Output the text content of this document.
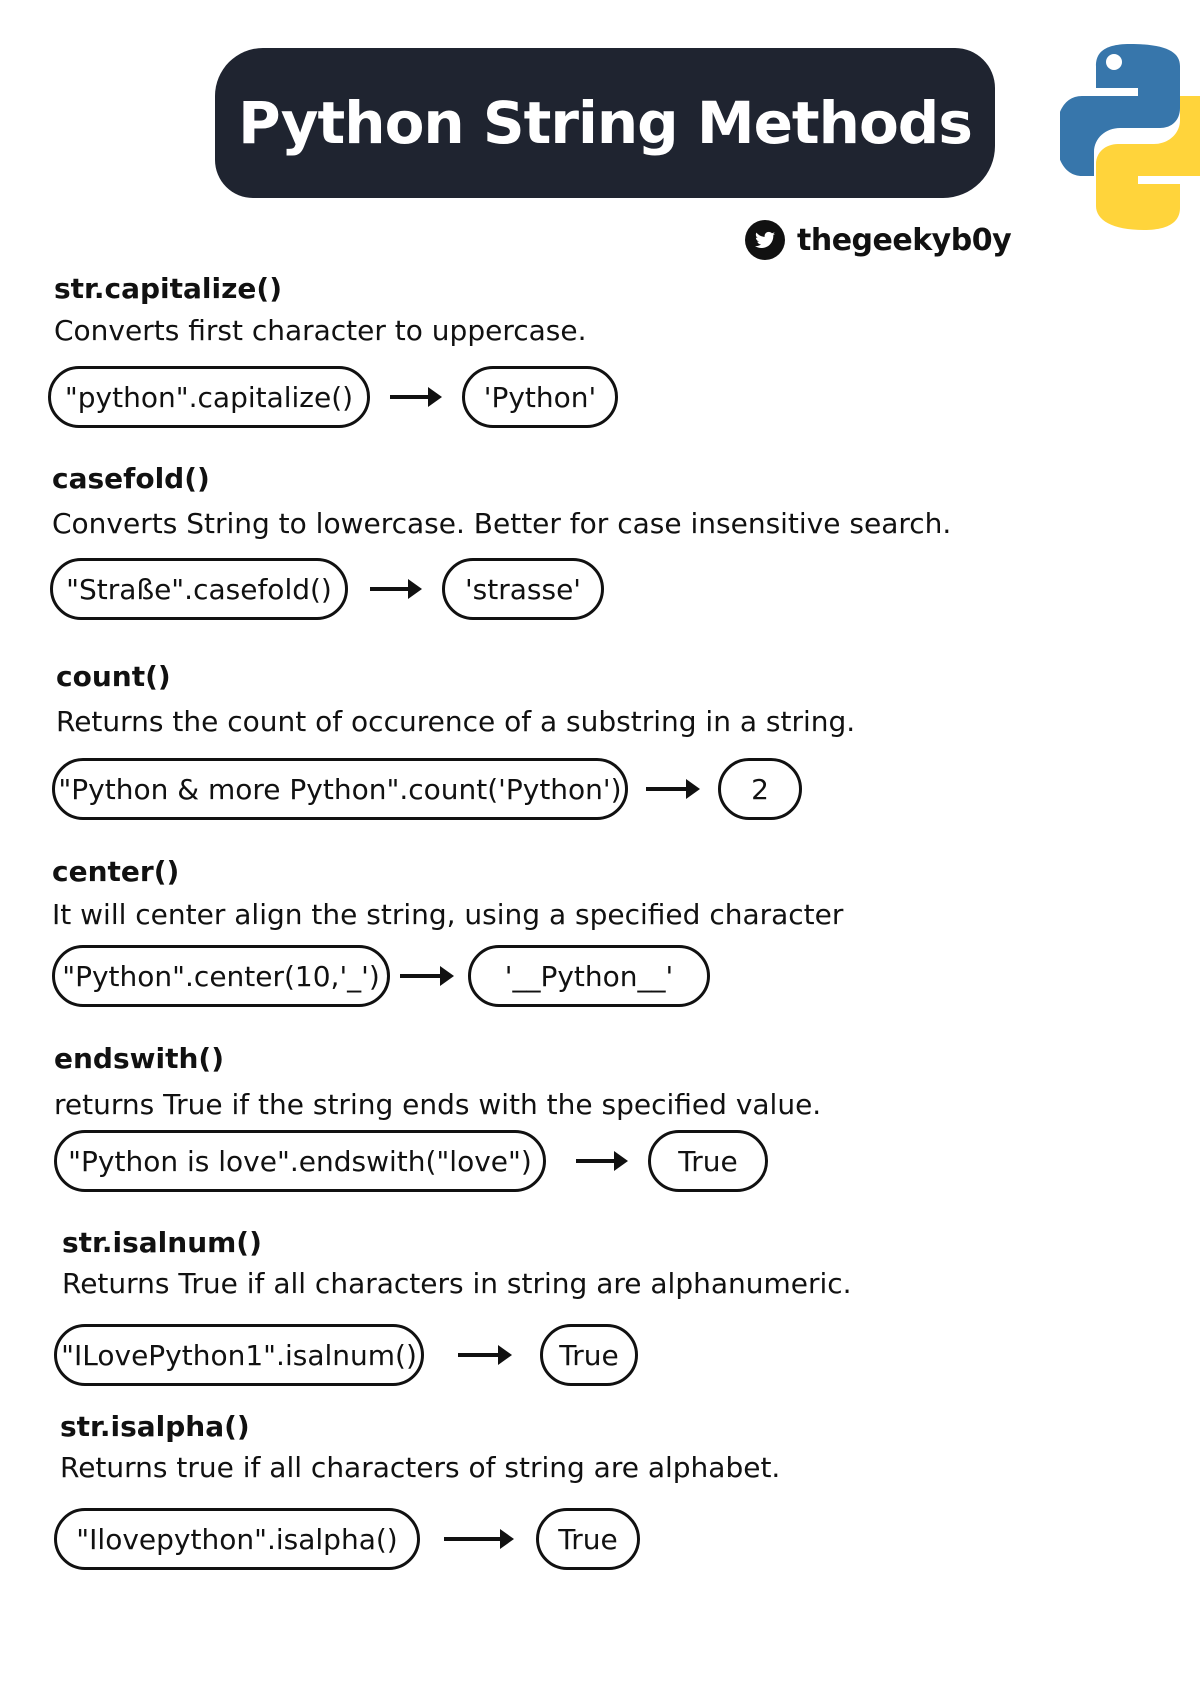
Python String Methods
thegeekyb0y
str.capitalize()
Converts first character to uppercase.
"python".capitalize()	'Python'
casefold()
Converts String to lowercase. Better for case insensitive search.
"Straße".casefold()	'strasse'
count()
Returns the count of occurence of a substring in a string.
"Python & more Python".count('Python')	2
center()
It will center align the string, using a specified character
"Python".center(10,'_')	'__Python__'
endswith()
returns True if the string ends with the specified value.
"Python is love".endswith("love")	True
str.isalnum()
Returns True if all characters in string are alphanumeric.
"ILovePython1".isalnum()	True
str.isalpha()
Returns true if all characters of string are alphabet.
"Ilovepython".isalpha()	True
